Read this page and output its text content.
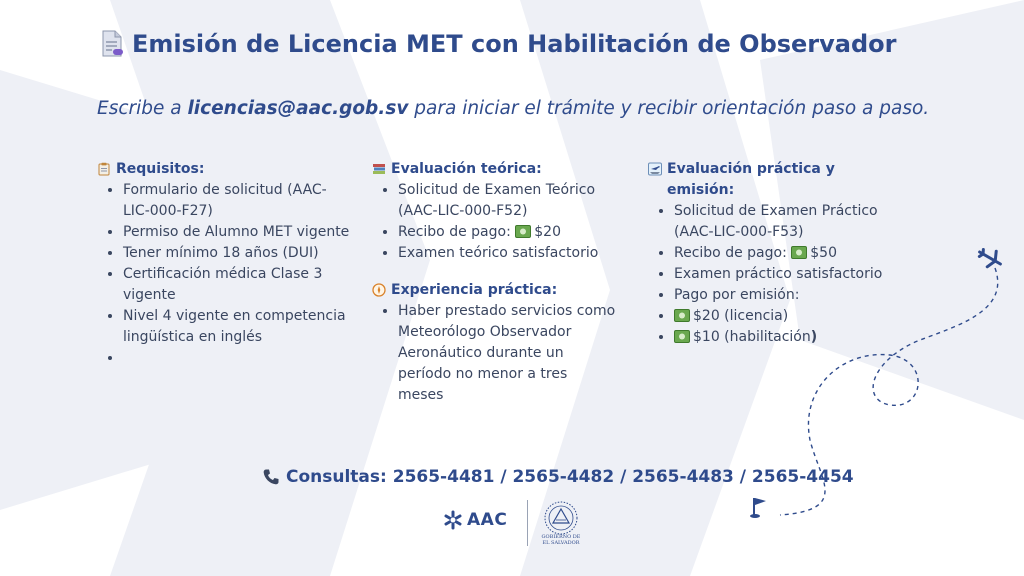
Emisión de Licencia MET con Habilitación de Observador
Escribe a licencias@aac.gob.sv para iniciar el trámite y recibir orientación paso a paso.
Requisitos:
• Formulario de solicitud (AAC-LIC-000-F27)
• Permiso de Alumno MET vigente
• Tener mínimo 18 años (DUI)
• Certificación médica Clase 3 vigente
• Nivel 4 vigente en competencia lingüística en inglés
•
Evaluación teórica:
• Solicitud de Examen Teórico (AAC-LIC-000-F52)
• Recibo de pago: $20
• Examen teórico satisfactorio
Experiencia práctica:
• Haber prestado servicios como Meteorólogo Observador Aeronáutico durante un período no menor a tres meses
Evaluación práctica y emisión:
• Solicitud de Examen Práctico (AAC-LIC-000-F53)
• Recibo de pago: $50
• Examen práctico satisfactorio
• Pago por emisión:
• $20 (licencia)
• $10 (habilitación)
Consultas: 2565-4481 / 2565-4482 / 2565-4483 / 2565-4454
AAC
GOBIERNO DE
EL SALVADOR
